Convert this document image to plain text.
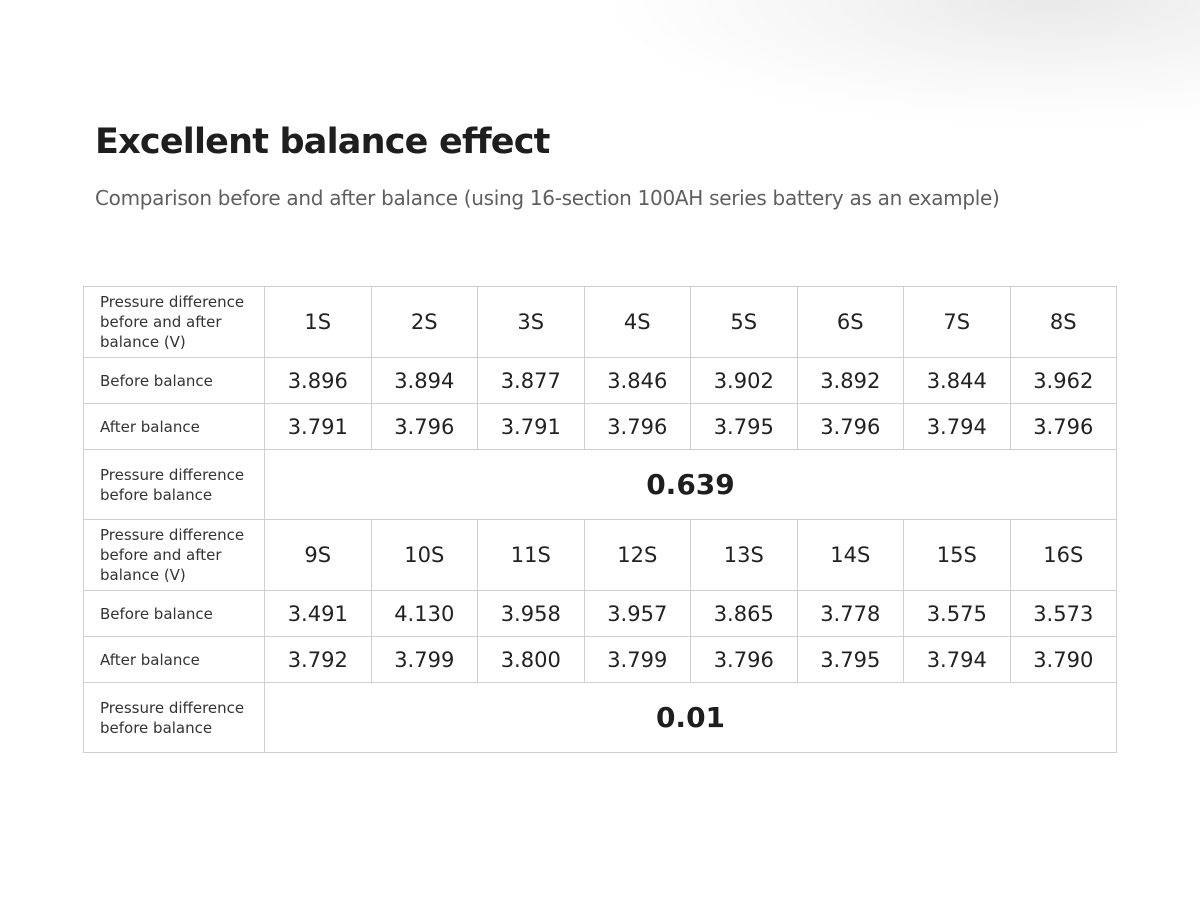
Excellent balance effect

Comparison before and after balance (using 16-section 100AH series battery as an example)

Pressure difference before and after balance (V)	1S	2S	3S	4S	5S	6S	7S	8S
Before balance	3.896	3.894	3.877	3.846	3.902	3.892	3.844	3.962
After balance	3.791	3.796	3.791	3.796	3.795	3.796	3.794	3.796
Pressure difference before balance	0.639							
Pressure difference before and after balance (V)	9S	10S	11S	12S	13S	14S	15S	16S
Before balance	3.491	4.130	3.958	3.957	3.865	3.778	3.575	3.573
After balance	3.792	3.799	3.800	3.799	3.796	3.795	3.794	3.790
Pressure difference before balance	0.01							
